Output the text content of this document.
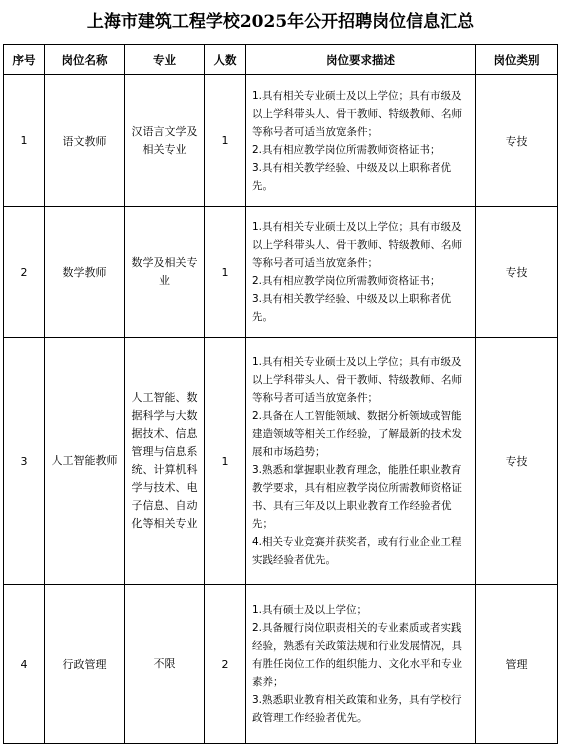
上海市建筑工程学校2025年公开招聘岗位信息汇总
序号	岗位名称	专业	人数	岗位要求描述	岗位类别
1	语文教师	汉语言文学及相关专业	1	1.具有相关专业硕士及以上学位；具有市级及以上学科带头人、骨干教师、特级教师、名师等称号者可适当放宽条件；
2.具有相应教学岗位所需教师资格证书；
3.具有相关教学经验、中级及以上职称者优先。	专技
2	数学教师	数学及相关专业	1	1.具有相关专业硕士及以上学位；具有市级及以上学科带头人、骨干教师、特级教师、名师等称号者可适当放宽条件；
2.具有相应教学岗位所需教师资格证书；
3.具有相关教学经验、中级及以上职称者优先。	专技
3	人工智能教师	人工智能、数据科学与大数据技术、信息管理与信息系统、计算机科学与技术、电子信息、自动化等相关专业	1	1.具有相关专业硕士及以上学位；具有市级及以上学科带头人、骨干教师、特级教师、名师等称号者可适当放宽条件；
2.具备在人工智能领域、数据分析领域或智能建造领域等相关工作经验，了解最新的技术发展和市场趋势；
3.熟悉和掌握职业教育理念，能胜任职业教育教学要求，具有相应教学岗位所需教师资格证书、具有三年及以上职业教育工作经验者优先；
4.相关专业竞赛并获奖者，或有行业企业工程实践经验者优先。	专技
4	行政管理	不限	2	1.具有硕士及以上学位；
2.具备履行岗位职责相关的专业素质或者实践经验，熟悉有关政策法规和行业发展情况，具有胜任岗位工作的组织能力、文化水平和专业素养；
3.熟悉职业教育相关政策和业务，具有学校行政管理工作经验者优先。	管理
